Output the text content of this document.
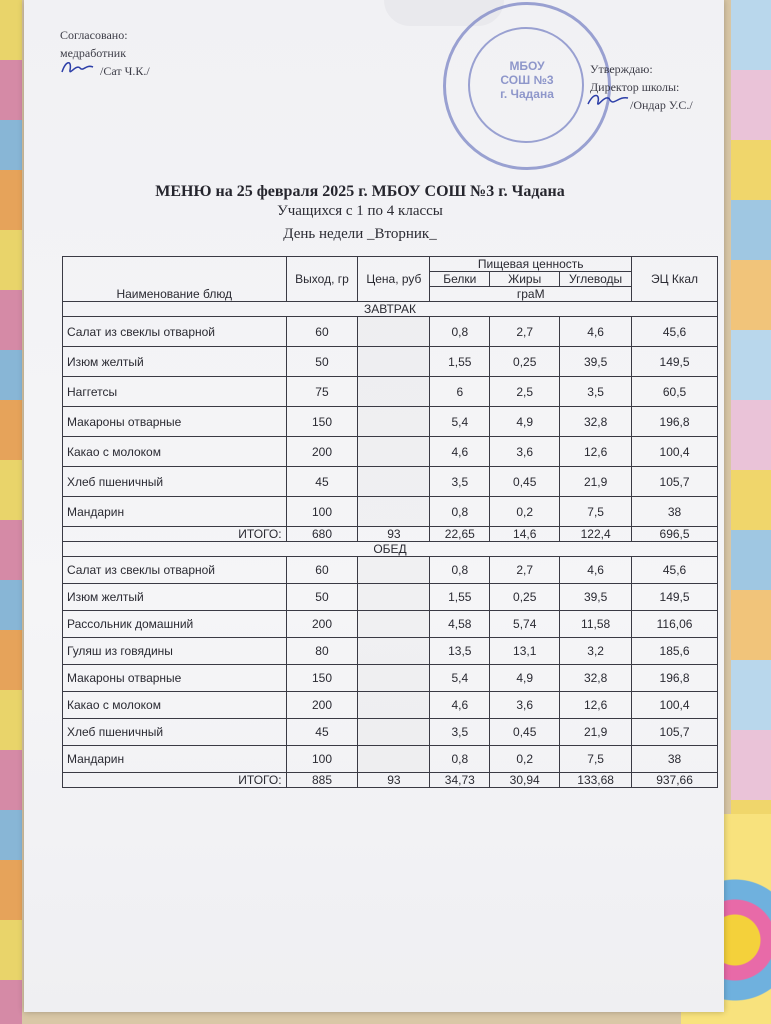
Согласовано:
медработник
/Сат Ч.К./	МБОУ
СОШ №3
г. Чадана
Утверждаю:
Директор школы:
/Ондар У.С./
МЕНЮ на 25 февраля 2025 г. МБОУ СОШ №3 г. Чадана
Учащихся с 1 по 4 классы
День недели _Вторник_
Наименование блюд	Выход, гр	Цена, руб	Пищевая ценность			ЭЦ Ккал
			Белки	Жиры	Углеводы	
			граМ			
ЗАВТРАК						
Салат из свеклы отварной	60		0,8	2,7	4,6	45,6
Изюм желтый	50		1,55	0,25	39,5	149,5
Наггетсы	75		6	2,5	3,5	60,5
Макароны отварные	150		5,4	4,9	32,8	196,8
Какао с молоком	200		4,6	3,6	12,6	100,4
Хлеб пшеничный	45		3,5	0,45	21,9	105,7
Мандарин	100		0,8	0,2	7,5	38
ИТОГО:	680	93	22,65	14,6	122,4	696,5
ОБЕД						
Салат из свеклы отварной	60		0,8	2,7	4,6	45,6
Изюм желтый	50		1,55	0,25	39,5	149,5
Рассольник домашний	200		4,58	5,74	11,58	116,06
Гуляш из говядины	80		13,5	13,1	3,2	185,6
Макароны отварные	150		5,4	4,9	32,8	196,8
Какао с молоком	200		4,6	3,6	12,6	100,4
Хлеб пшеничный	45		3,5	0,45	21,9	105,7
Мандарин	100		0,8	0,2	7,5	38
ИТОГО:	885	93	34,73	30,94	133,68	937,66
